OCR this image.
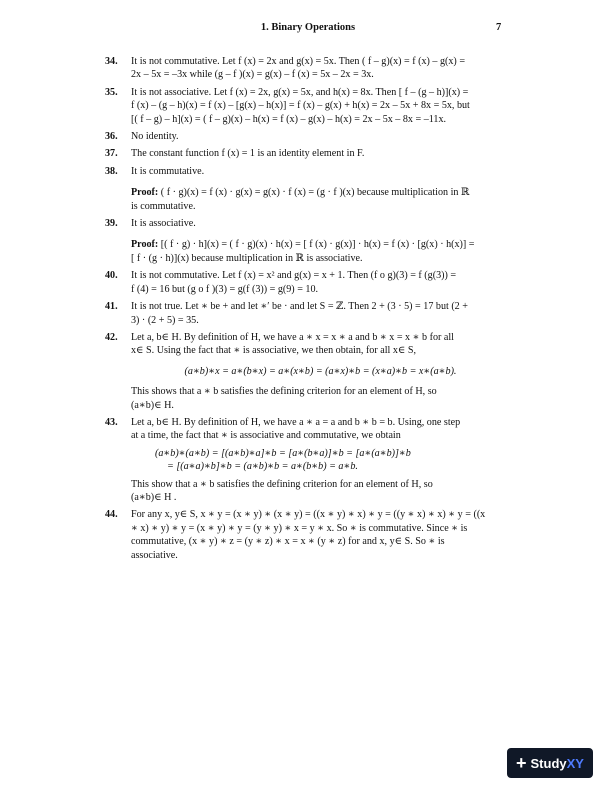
1. Binary Operations	7
34. It is not commutative. Let f (x) = 2x and g(x) = 5x. Then ( f – g)(x) = f (x) – g(x) =
2x – 5x = –3x while (g – f )(x) = g(x) – f (x) = 5x – 2x = 3x.
35. It is not associative. Let f (x) = 2x, g(x) = 5x, and h(x) = 8x. Then [ f – (g – h)](x) =
f (x) – (g – h)(x) = f (x) – [g(x) – h(x)] = f (x) – g(x) + h(x) = 2x – 5x + 8x = 5x, but
[( f – g) – h](x) = ( f – g)(x) – h(x) = f (x) – g(x) – h(x) = 2x – 5x – 8x = –11x.
36. No identity.
37. The constant function f (x) = 1 is an identity element in F.
38. It is commutative.
Proof: ( f · g)(x) = f (x) · g(x) = g(x) · f (x) = (g · f )(x) because multiplication in ℝ
is commutative.
39. It is associative.
Proof: [( f · g) · h](x) = ( f · g)(x) · h(x) = [ f (x) · g(x)] · h(x) = f (x) · [g(x) · h(x)] =
[ f · (g · h)](x) because multiplication in ℝ is associative.
40. It is not commutative. Let f (x) = x² and g(x) = x + 1. Then (f o g)(3) = f (g(3)) =
f (4) = 16 but (g o f )(3) = g(f (3)) = g(9) = 10.
41. It is not true. Let ∗ be + and let ∗′ be · and let S = ℤ. Then 2 + (3 · 5) = 17 but (2 +
3) · (2 + 5) = 35.
42. Let a, b∈ H. By definition of H, we have a ∗ x = x ∗ a and b ∗ x = x ∗ b for all
x∈ S. Using the fact that ∗ is associative, we then obtain, for all x∈ S,
(a∗b)∗x = a∗(b∗x) = a∗(x∗b) = (a∗x)∗b = (x∗a)∗b = x∗(a∗b).
This shows that a ∗ b satisfies the defining criterion for an element of H, so
(a∗b)∈ H.
43. Let a, b∈ H. By definition of H, we have a ∗ a = a and b ∗ b = b. Using, one step
at a time, the fact that ∗ is associative and commutative, we obtain
(a∗b)∗(a∗b) = [(a∗b)∗a]∗b = [a∗(b∗a)]∗b = [a∗(a∗b)]∗b
= [(a∗a)∗b]∗b = (a∗b)∗b = a∗(b∗b) = a∗b.
This show that a ∗ b satisfies the defining criterion for an element of H, so
(a∗b)∈ H .
44. For any x, y∈ S, x ∗ y = (x ∗ y) ∗ (x ∗ y) = ((x ∗ y) ∗ x) ∗ y = ((y ∗ x) ∗ x) ∗ y = ((x
∗ x) ∗ y) ∗ y = (x ∗ y) ∗ y = (y ∗ y) ∗ x = y ∗ x. So ∗ is commutative. Since ∗ is
commutative, (x ∗ y) ∗ z = (y ∗ z) ∗ x = x ∗ (y ∗ z) for and x, y∈ S. So ∗ is
associative.
+ StudyXY
